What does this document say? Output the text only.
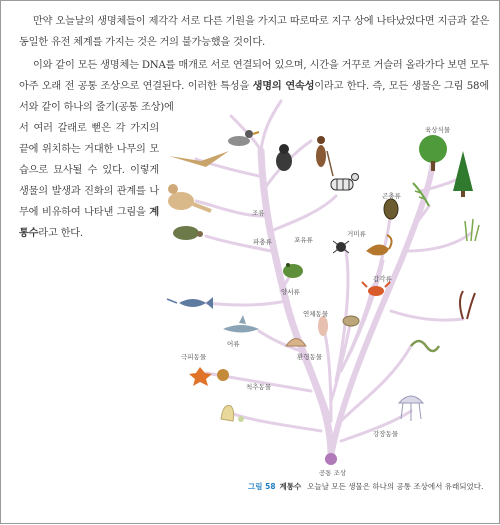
만약 오늘날의 생명체들이 제각각 서로 다른 기원을 가지고 따로따로 지구 상에 나타났었다면 지금과 같은 동일한 유전 체계를 가지는 것은 거의 불가능했을 것이다.

이와 같이 모든 생명체는 DNA를 매개로 서로 연결되어 있으며, 시간을 거꾸로 거슬러 올라가다 보면 모두 아주 오래 전 공통 조상으로 연결된다. 이러한 특성을 생명의 연속성이라고 한다. 즉, 모든 생물은 그림 58에서와 같이 하나의 줄기(공통 조상)에

서 여러 갈래로 뻗은 각 가지의 끝에 위치하는 거대한 나무의 모습으로 묘사될 수 있다. 이렇게 생물의 발생과 진화의 관계를 나무에 비유하여 나타낸 그림을 계통수라고 한다.

조류
파충류	포유류
양서류
어류
극피동물
척추동물
연체동물
환형동물
거미류
갑각류
곤충류
육상식물
강장동물
공통 조상
그림 58 계통수 오늘날 모든 생물은 하나의 공통 조상에서 유래되었다.
